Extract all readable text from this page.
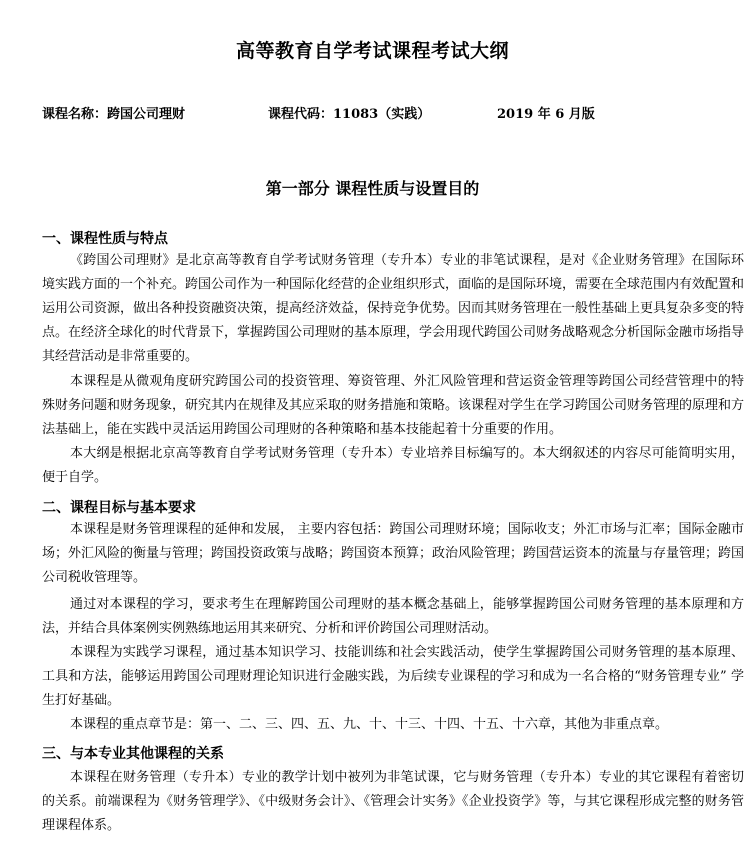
高等教育自学考试课程考试大纲
课程名称：跨国公司理财	课程代码：11083（实践）	2019 年 6 月版
第一部分 课程性质与设置目的
一、课程性质与特点
《跨国公司理财》是北京高等教育自学考试财务管理（专升本）专业的非笔试课程，是对《企业财务管理》在国际环境实践方面的一个补充。跨国公司作为一种国际化经营的企业组织形式，面临的是国际环境，需要在全球范围内有效配置和运用公司资源，做出各种投资融资决策，提高经济效益，保持竞争优势。因而其财务管理在一般性基础上更具复杂多变的特点。在经济全球化的时代背景下，掌握跨国公司理财的基本原理，学会用现代跨国公司财务战略观念分析国际金融市场指导其经营活动是非常重要的。
本课程是从微观角度研究跨国公司的投资管理、筹资管理、外汇风险管理和营运资金管理等跨国公司经营管理中的特殊财务问题和财务现象，研究其内在规律及其应采取的财务措施和策略。该课程对学生在学习跨国公司财务管理的原理和方法基础上，能在实践中灵活运用跨国公司理财的各种策略和基本技能起着十分重要的作用。
本大纲是根据北京高等教育自学考试财务管理（专升本）专业培养目标编写的。本大纲叙述的内容尽可能简明实用，便于自学。
二、课程目标与基本要求
本课程是财务管理课程的延伸和发展， 主要内容包括：跨国公司理财环境；国际收支；外汇市场与汇率；国际金融市场；外汇风险的衡量与管理；跨国投资政策与战略；跨国资本预算；政治风险管理；跨国营运资本的流量与存量管理；跨国公司税收管理等。
通过对本课程的学习，要求考生在理解跨国公司理财的基本概念基础上，能够掌握跨国公司财务管理的基本原理和方法，并结合具体案例实例熟练地运用其来研究、分析和评价跨国公司理财活动。
本课程为实践学习课程，通过基本知识学习、技能训练和社会实践活动，使学生掌握跨国公司财务管理的基本原理、工具和方法，能够运用跨国公司理财理论知识进行金融实践，为后续专业课程的学习和成为一名合格的“财务管理专业” 学生打好基础。
本课程的重点章节是：第一、二、三、四、五、九、十、十三、十四、十五、十六章，其他为非重点章。
三、与本专业其他课程的关系
本课程在财务管理（专升本）专业的教学计划中被列为非笔试课，它与财务管理（专升本）专业的其它课程有着密切的关系。前端课程为《财务管理学》、《中级财务会计》、《管理会计实务》《企业投资学》等，与其它课程形成完整的财务管理课程体系。
